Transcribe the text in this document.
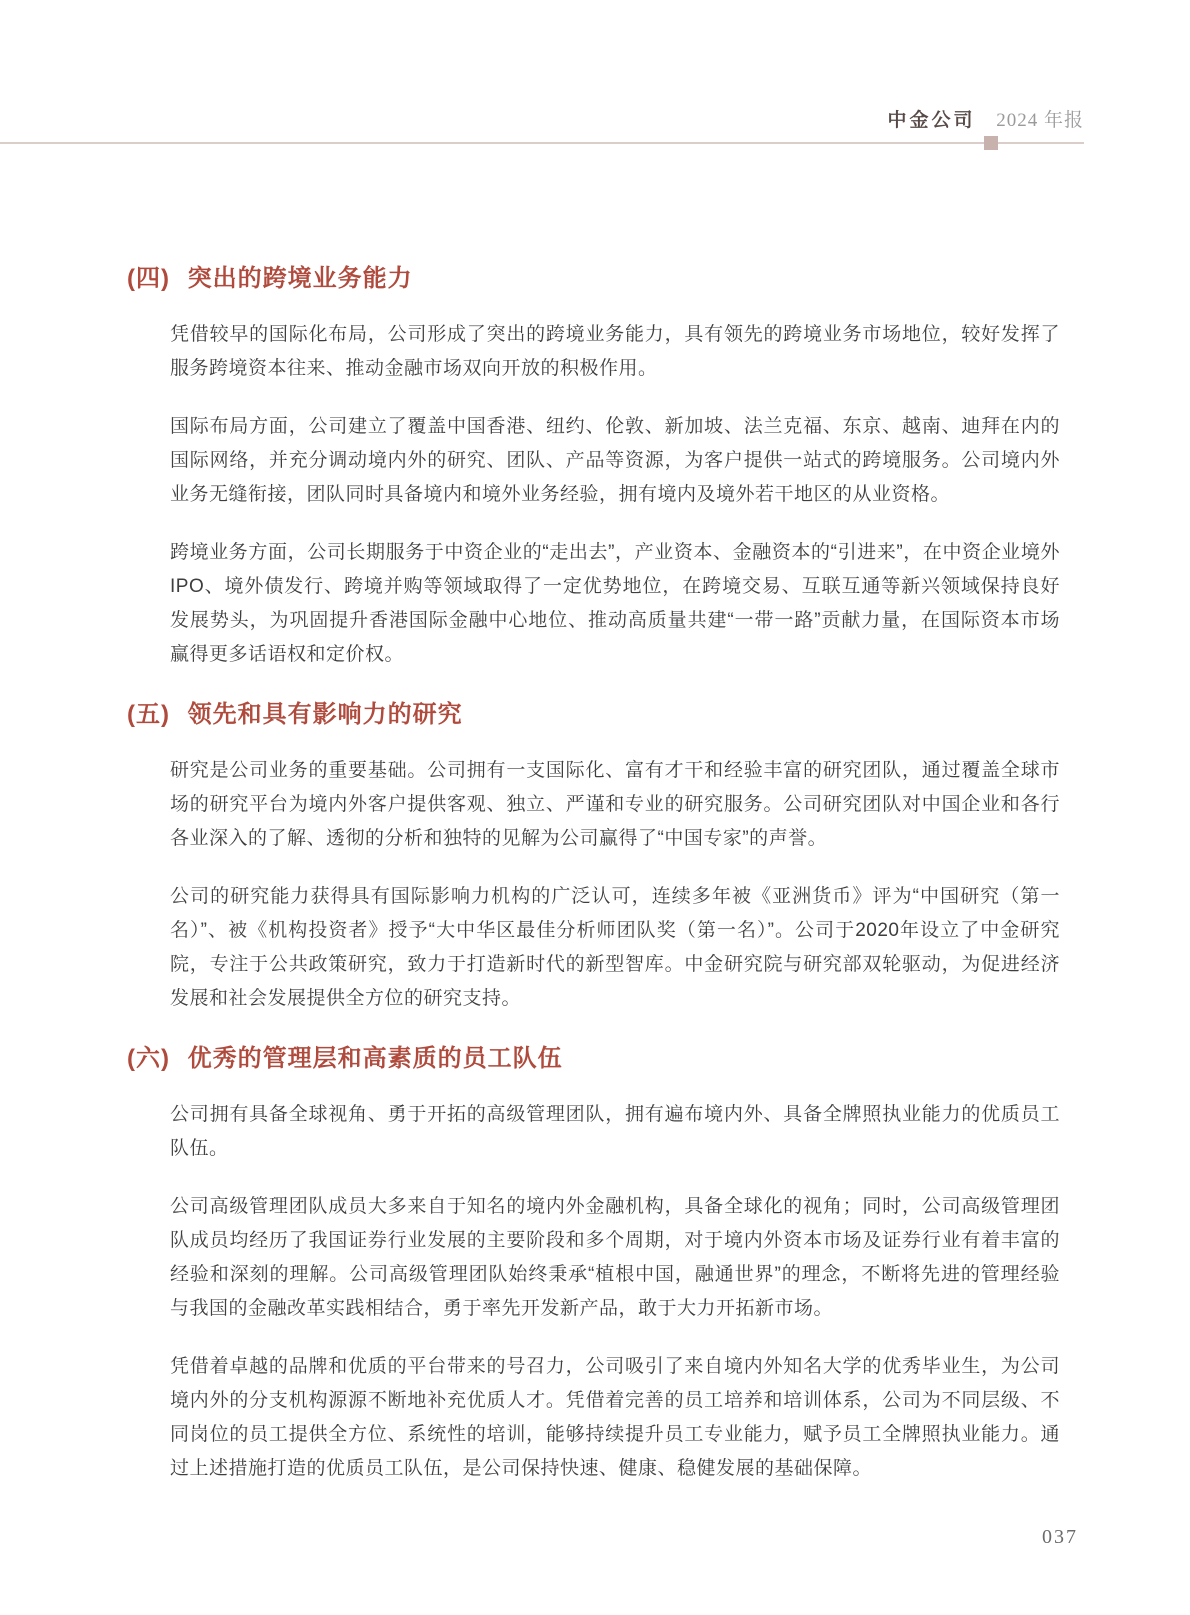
中金公司 2024 年报
(四) 突出的跨境业务能力

凭借较早的国际化布局，公司形成了突出的跨境业务能力，具有领先的跨境业务市场地位，较好发挥了服务跨境资本往来、推动金融市场双向开放的积极作用。

国际布局方面，公司建立了覆盖中国香港、纽约、伦敦、新加坡、法兰克福、东京、越南、迪拜在内的国际网络，并充分调动境内外的研究、团队、产品等资源，为客户提供一站式的跨境服务。公司境内外业务无缝衔接，团队同时具备境内和境外业务经验，拥有境内及境外若干地区的从业资格。

跨境业务方面，公司长期服务于中资企业的“走出去”，产业资本、金融资本的“引进来”，在中资企业境外IPO、境外债发行、跨境并购等领域取得了一定优势地位，在跨境交易、互联互通等新兴领域保持良好发展势头，为巩固提升香港国际金融中心地位、推动高质量共建“一带一路”贡献力量，在国际资本市场赢得更多话语权和定价权。

(五) 领先和具有影响力的研究

研究是公司业务的重要基础。公司拥有一支国际化、富有才干和经验丰富的研究团队，通过覆盖全球市场的研究平台为境内外客户提供客观、独立、严谨和专业的研究服务。公司研究团队对中国企业和各行各业深入的了解、透彻的分析和独特的见解为公司赢得了“中国专家”的声誉。

公司的研究能力获得具有国际影响力机构的广泛认可，连续多年被《亚洲货币》评为“中国研究（第一名）”、被《机构投资者》授予“大中华区最佳分析师团队奖（第一名）”。公司于2020年设立了中金研究院，专注于公共政策研究，致力于打造新时代的新型智库。中金研究院与研究部双轮驱动，为促进经济发展和社会发展提供全方位的研究支持。

(六) 优秀的管理层和高素质的员工队伍

公司拥有具备全球视角、勇于开拓的高级管理团队，拥有遍布境内外、具备全牌照执业能力的优质员工队伍。

公司高级管理团队成员大多来自于知名的境内外金融机构，具备全球化的视角；同时，公司高级管理团队成员均经历了我国证券行业发展的主要阶段和多个周期，对于境内外资本市场及证券行业有着丰富的经验和深刻的理解。公司高级管理团队始终秉承“植根中国，融通世界”的理念，不断将先进的管理经验与我国的金融改革实践相结合，勇于率先开发新产品，敢于大力开拓新市场。

凭借着卓越的品牌和优质的平台带来的号召力，公司吸引了来自境内外知名大学的优秀毕业生，为公司境内外的分支机构源源不断地补充优质人才。凭借着完善的员工培养和培训体系，公司为不同层级、不同岗位的员工提供全方位、系统性的培训，能够持续提升员工专业能力，赋予员工全牌照执业能力。通过上述措施打造的优质员工队伍，是公司保持快速、健康、稳健发展的基础保障。

037
